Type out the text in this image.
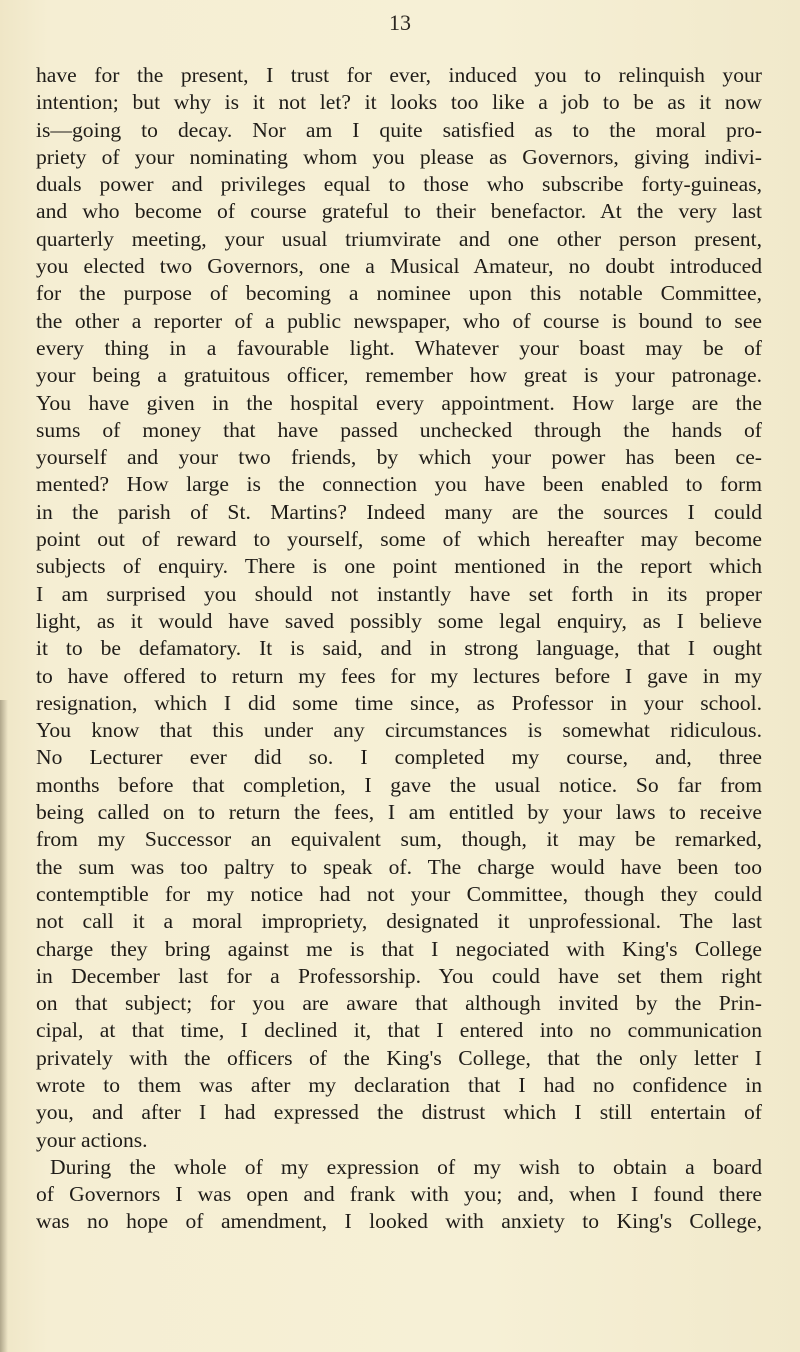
13
have for the present, I trust for ever, induced you to relinquish your
intention; but why is it not let? it looks too like a job to be as it now
is—going to decay. Nor am I quite satisfied as to the moral pro-
priety of your nominating whom you please as Governors, giving indivi-
duals power and privileges equal to those who subscribe forty-guineas,
and who become of course grateful to their benefactor. At the very last
quarterly meeting, your usual triumvirate and one other person present,
you elected two Governors, one a Musical Amateur, no doubt introduced
for the purpose of becoming a nominee upon this notable Committee,
the other a reporter of a public newspaper, who of course is bound to see
every thing in a favourable light. Whatever your boast may be of
your being a gratuitous officer, remember how great is your patronage.
You have given in the hospital every appointment. How large are the
sums of money that have passed unchecked through the hands of
yourself and your two friends, by which your power has been ce-
mented? How large is the connection you have been enabled to form
in the parish of St. Martins? Indeed many are the sources I could
point out of reward to yourself, some of which hereafter may become
subjects of enquiry. There is one point mentioned in the report which
I am surprised you should not instantly have set forth in its proper
light, as it would have saved possibly some legal enquiry, as I believe
it to be defamatory. It is said, and in strong language, that I ought
to have offered to return my fees for my lectures before I gave in my
resignation, which I did some time since, as Professor in your school.
You know that this under any circumstances is somewhat ridiculous.
No Lecturer ever did so. I completed my course, and, three
months before that completion, I gave the usual notice. So far from
being called on to return the fees, I am entitled by your laws to receive
from my Successor an equivalent sum, though, it may be remarked,
the sum was too paltry to speak of. The charge would have been too
contemptible for my notice had not your Committee, though they could
not call it a moral impropriety, designated it unprofessional. The last
charge they bring against me is that I negociated with King's College
in December last for a Professorship. You could have set them right
on that subject; for you are aware that although invited by the Prin-
cipal, at that time, I declined it, that I entered into no communication
privately with the officers of the King's College, that the only letter I
wrote to them was after my declaration that I had no confidence in
you, and after I had expressed the distrust which I still entertain of
your actions.
During the whole of my expression of my wish to obtain a board
of Governors I was open and frank with you; and, when I found there
was no hope of amendment, I looked with anxiety to King's College,
